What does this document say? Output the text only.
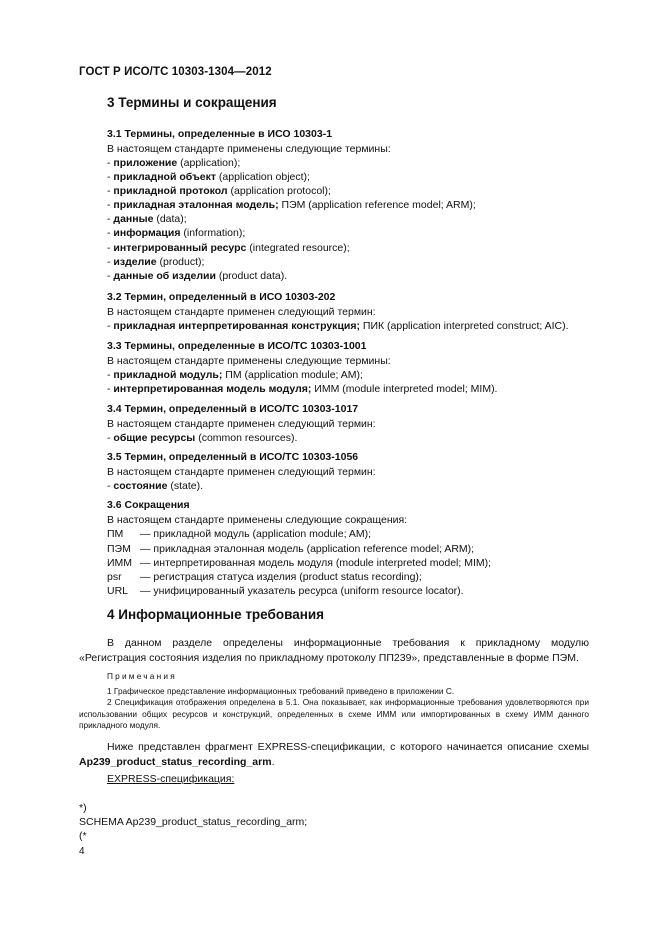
ГОСТ Р ИСО/ТС 10303-1304—2012
3 Термины и сокращения
3.1 Термины, определенные в ИСО 10303-1
В настоящем стандарте применены следующие термины:
- приложение (application);
- прикладной объект (application object);
- прикладной протокол (application protocol);
- прикладная эталонная модель; ПЭМ (application reference model; ARM);
- данные (data);
- информация (information);
- интегрированный ресурс (integrated resource);
- изделие (product);
- данные об изделии (product data).
3.2 Термин, определенный в ИСО 10303-202
В настоящем стандарте применен следующий термин:
- прикладная интерпретированная конструкция; ПИК (application interpreted construct; AIC).
3.3 Термины, определенные в ИСО/ТС 10303-1001
В настоящем стандарте применены следующие термины:
- прикладной модуль; ПМ (application module; AM);
- интерпретированная модель модуля; ИММ (module interpreted model; MIM).
3.4 Термин, определенный в ИСО/ТС 10303-1017
В настоящем стандарте применен следующий термин:
- общие ресурсы (common resources).
3.5 Термин, определенный в ИСО/ТС 10303-1056
В настоящем стандарте применен следующий термин:
- состояние (state).
3.6 Сокращения
В настоящем стандарте применены следующие сокращения:
ПМ — прикладной модуль (application module; AM);
ПЭМ — прикладная эталонная модель (application reference model; ARM);
ИММ — интерпретированная модель модуля (module interpreted model; MIM);
psr — регистрация статуса изделия (product status recording);
URL — унифицированный указатель ресурса (uniform resource locator).
4 Информационные требования
В данном разделе определены информационные требования к прикладному модулю «Регистрация состояния изделия по прикладному протоколу ПП239», представленные в форме ПЭМ.
Примечания
1 Графическое представление информационных требований приведено в приложении С.
2 Спецификация отображения определена в 5.1. Она показывает, как информационные требования удовлетворяются при использовании общих ресурсов и конструкций, определенных в схеме ИММ или импортированных в схему ИММ данного прикладного модуля.
Ниже представлен фрагмент EXPRESS-спецификации, с которого начинается описание схемы Ap239_product_status_recording_arm.
EXPRESS-спецификация:
*)
SCHEMA Ap239_product_status_recording_arm;
(*
4
